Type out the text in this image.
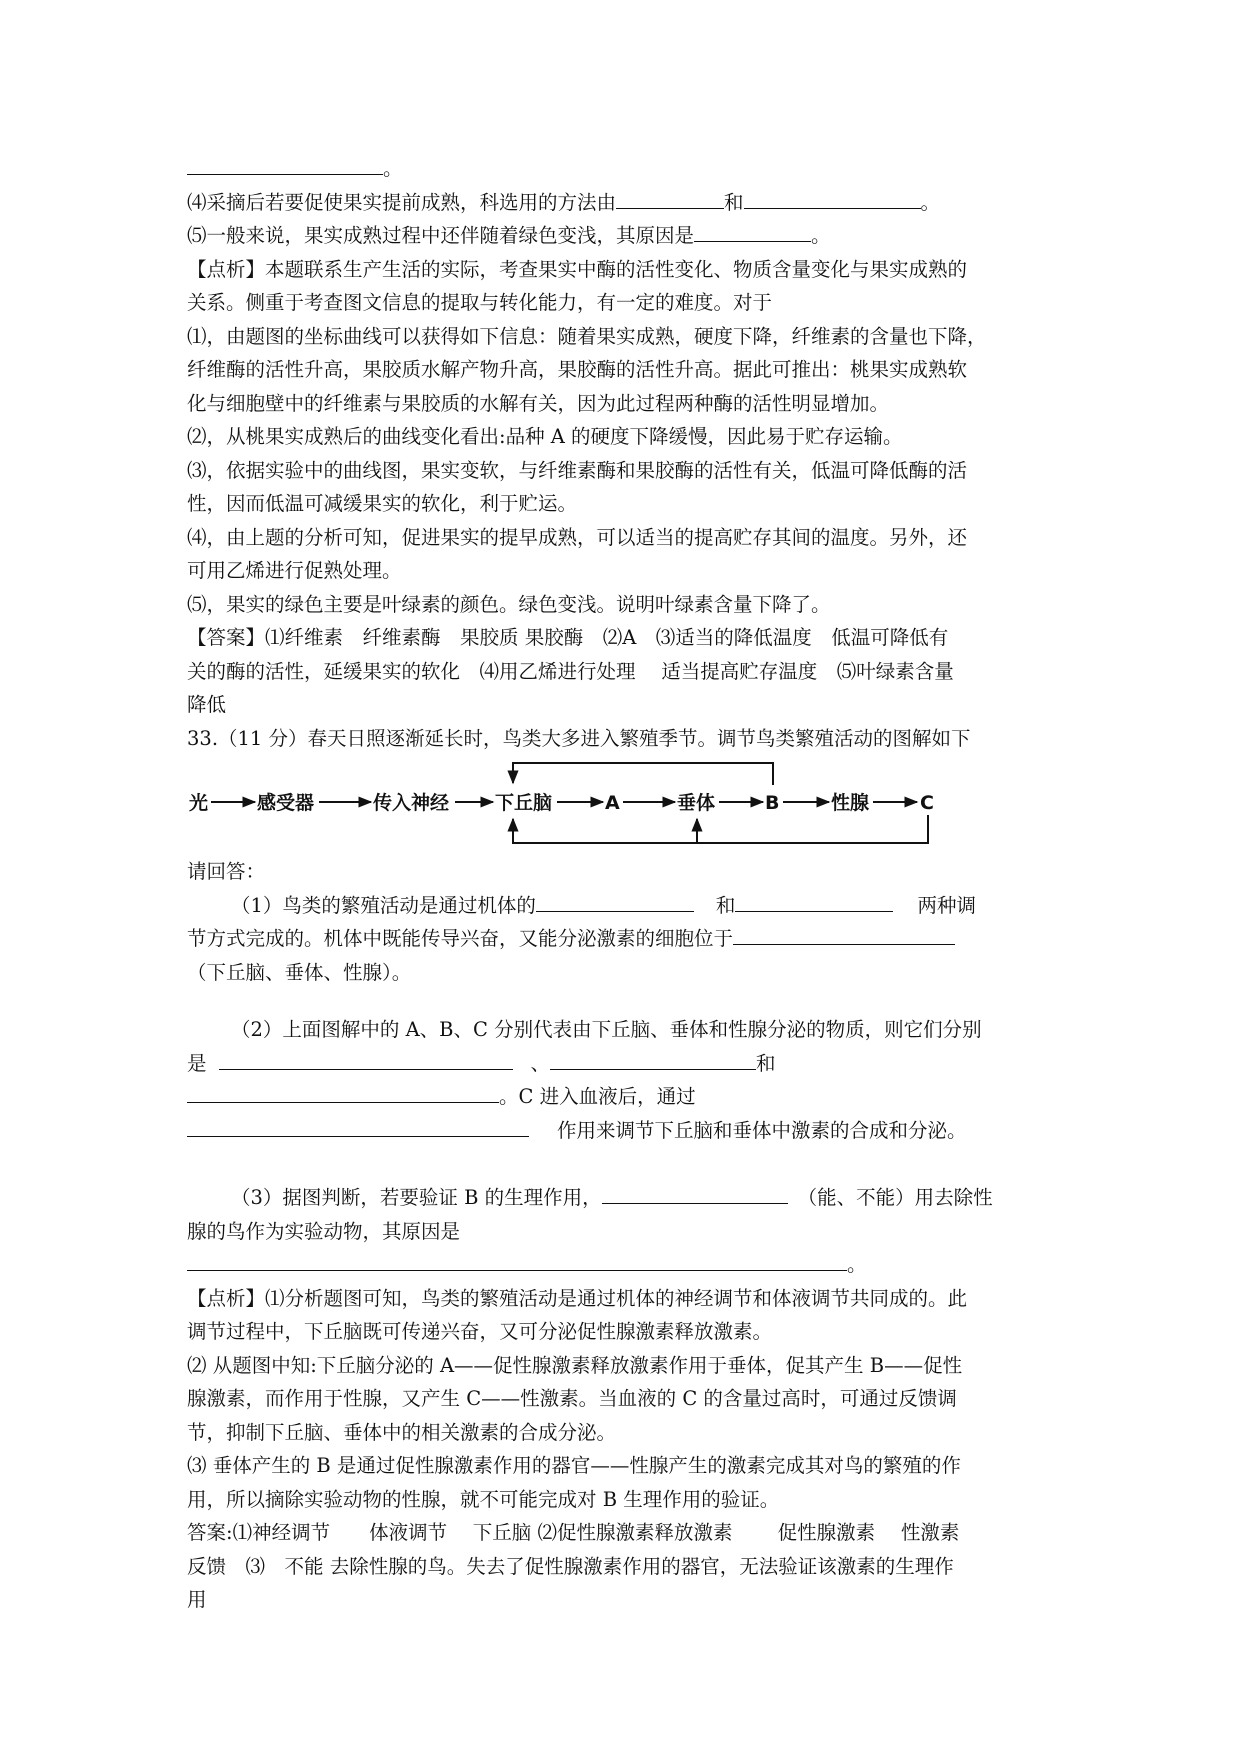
。

⑷采摘后若要促使果实提前成熟，科选用的方法由	和	。

⑸一般来说，果实成熟过程中还伴随着绿色变浅，其原因是	。

【点析】本题联系生产生活的实际，考查果实中酶的活性变化、物质含量变化与果实成熟的

关系。侧重于考查图文信息的提取与转化能力，有一定的难度。对于

⑴，由题图的坐标曲线可以获得如下信息：随着果实成熟，硬度下降，纤维素的含量也下降，

纤维酶的活性升高，果胶质水解产物升高，果胶酶的活性升高。据此可推出：桃果实成熟软

化与细胞壁中的纤维素与果胶质的水解有关，因为此过程两种酶的活性明显增加。

⑵，从桃果实成熟后的曲线变化看出:品种 A 的硬度下降缓慢，因此易于贮存运输。

⑶，依据实验中的曲线图，果实变软，与纤维素酶和果胶酶的活性有关，低温可降低酶的活

性，因而低温可减缓果实的软化，利于贮运。

⑷，由上题的分析可知，促进果实的提早成熟，可以适当的提高贮存其间的温度。另外，还

可用乙烯进行促熟处理。

⑸，果实的绿色主要是叶绿素的颜色。绿色变浅。说明叶绿素含量下降了。

【答案】⑴纤维素　纤维素酶　果胶质 果胶酶　⑵A　⑶适当的降低温度　低温可降低有

关的酶的活性，延缓果实的软化　⑷用乙烯进行处理　 适当提高贮存温度　⑸叶绿素含量

降低

33.（11 分）春天日照逐渐延长时，鸟类大多进入繁殖季节。调节鸟类繁殖活动的图解如下

光	感受器	传入神经 下丘脑	A	垂体	B	性腺	C

请回答：

（1）鸟类的繁殖活动是通过机体的	和	两种调

节方式完成的。机体中既能传导兴奋，又能分泌激素的细胞位于

（下丘脑、垂体、性腺）。

（2）上面图解中的 A、B、C 分别代表由下丘脑、垂体和性腺分泌的物质，则它们分别

是	、	和

。C 进入血液后，通过

作用来调节下丘脑和垂体中激素的合成和分泌。

（3）据图判断，若要验证 B 的生理作用，	（能、不能）用去除性

腺的鸟作为实验动物，其原因是

。

【点析】⑴分析题图可知，鸟类的繁殖活动是通过机体的神经调节和体液调节共同成的。此

调节过程中，下丘脑既可传递兴奋，又可分泌促性腺激素释放激素。

⑵ 从题图中知:下丘脑分泌的 A——促性腺激素释放激素作用于垂体，促其产生 B——促性

腺激素，而作用于性腺，又产生 C——性激素。当血液的 C 的含量过高时，可通过反馈调

节，抑制下丘脑、垂体中的相关激素的合成分泌。

⑶ 垂体产生的 B 是通过促性腺激素作用的器官——性腺产生的激素完成其对鸟的繁殖的作

用，所以摘除实验动物的性腺，就不可能完成对 B 生理作用的验证。

答案:⑴神经调节　　体液调节　 下丘脑 ⑵促性腺激素释放激素　　 促性腺激素　 性激素

反馈　⑶　不能 去除性腺的鸟。失去了促性腺激素作用的器官，无法验证该激素的生理作

用
